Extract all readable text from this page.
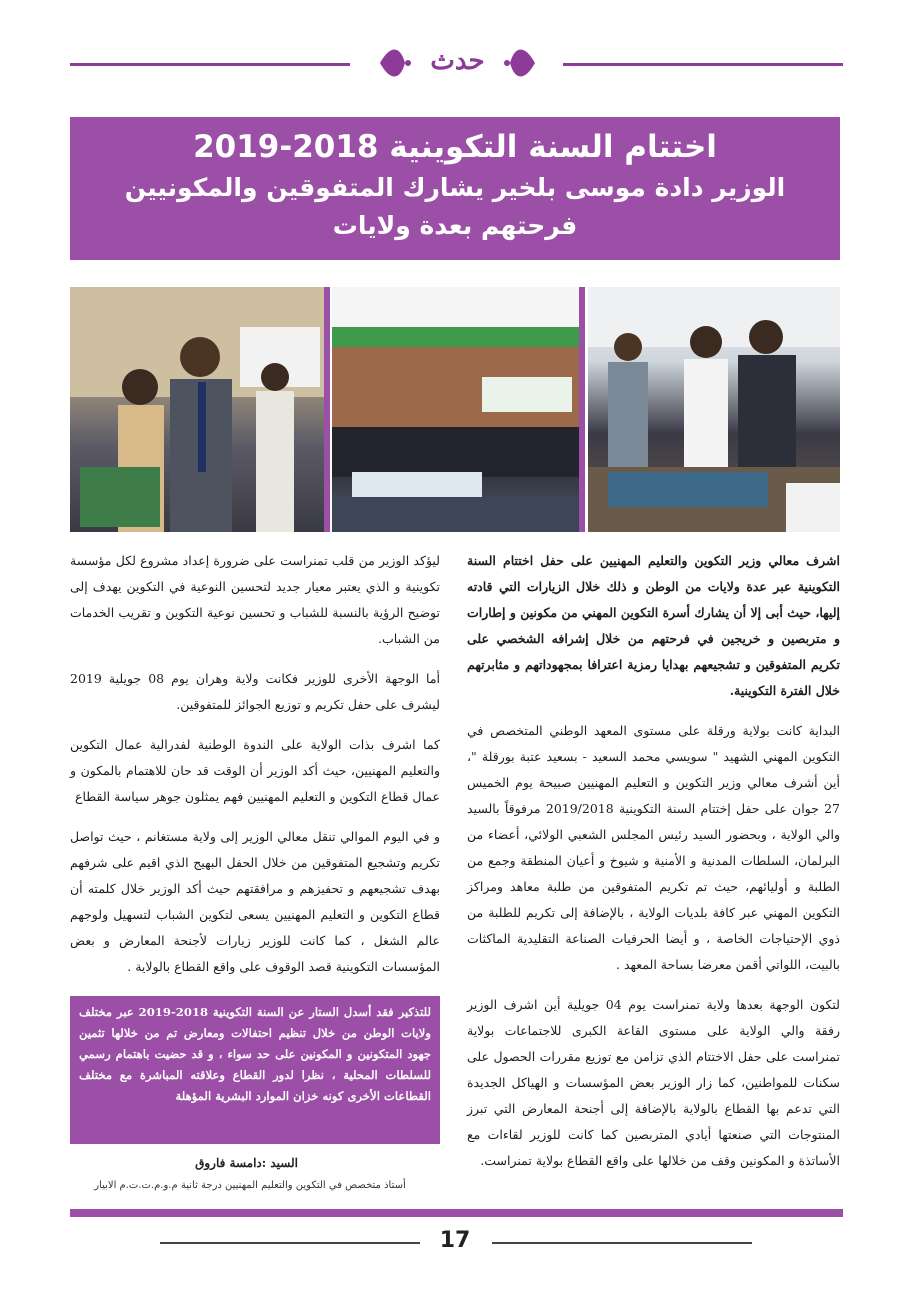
حدث
اختتام السنة التكوينية 2018-2019
الوزير دادة موسى بلخير يشارك المتفوقين والمكونيين فرحتهم بعدة ولايات

اشرف معالي وزير التكوين والتعليم المهنيين على حفل اختتام السنة التكوينية عبر عدة ولايات من الوطن و ذلك خلال الزيارات التي قادته إليها، حيث أبى إلا أن يشارك أسرة التكوين المهني من مكونين و إطارات و متربصين و خريجين في فرحتهم من خلال إشرافه الشخصي على تكريم المتفوقين و تشجيعهم بهدايا رمزية اعترافا بمجهوداتهم و مثابرتهم خلال الفترة التكوينية.

البداية كانت بولاية ورقلة على مستوى المعهد الوطني المتخصص في التكوين المهني الشهيد " سويسي محمد السعيد - بسعيد عتبة بورقلة "، أين أشرف معالي وزير التكوين و التعليم المهنيين صبيحة يوم الخميس 27 جوان على حفل إختتام السنة التكوينية 2019/2018 مرفوقاً بالسيد والي الولاية ، وبحضور السيد رئيس المجلس الشعبي الولائي، أعضاء من البرلمان، السلطات المدنية و الأمنية و شيوخ و أعيان المنطقة وجمع من الطلبة و أوليائهم، حيث تم تكريم المتفوقين من طلبة معاهد ومراكز التكوين المهني عبر كافة بلديات الولاية ، بالإضافة إلى تكريم للطلبة من ذوي الإحتياجات الخاصة ، و أيضا الحرفيات الصناعة التقليدية الماكثات بالبيت، اللواتي أقمن معرضا بساحة المعهد .

لتكون الوجهة بعدها ولاية تمنراست يوم 04 جويلية أين اشرف الوزير رفقة والي الولاية على مستوى القاعة الكبرى للاجتماعات بولاية تمنراست على حفل الاختتام الذي تزامن مع توزيع مقررات الحصول على سكنات للمواطنين، كما زار الوزير بعض المؤسسات و الهياكل الجديدة التي تدعم بها القطاع بالولاية بالإضافة إلى أجنحة المعارض التي تبرز المنتوجات التي صنعتها أيادي المتربصين كما كانت للوزير لقاءات مع الأساتذة و المكونين وقف من خلالها على واقع القطاع بولاية تمنراست.

ليؤكد الوزير من قلب تمنراست على ضرورة إعداد مشروع لكل مؤسسة تكوينية و الذي يعتبر معيار جديد لتحسين النوعية في التكوين يهدف إلى توضيح الرؤية بالنسبة للشباب و تحسين نوعية التكوين و تقريب الخدمات من الشباب.

أما الوجهة الأخرى للوزير فكانت ولاية وهران يوم 08 جويلية 2019 ليشرف على حفل تكريم و توزيع الجوائز للمتفوقين.

كما اشرف بذات الولاية على الندوة الوطنية لفدرالية عمال التكوين والتعليم المهنيين، حيث أكد الوزير أن الوقت قد حان للاهتمام بالمكون و عمال قطاع التكوين و التعليم المهنيين فهم يمثلون جوهر سياسة القطاع

و في اليوم الموالي تنقل معالي الوزير إلى ولاية مستغانم ، حيث تواصل تكريم وتشجيع المتفوقين من خلال الحفل البهيج الذي اقيم على شرفهم بهدف تشجيعهم و تحفيزهم و مرافقتهم حيث أكد الوزير خلال كلمته أن قطاع التكوين و التعليم المهنيين يسعى لتكوين الشباب لتسهيل ولوجهم عالم الشغل ، كما كانت للوزير زيارات لأجنحة المعارض و بعض المؤسسات التكوينية قصد الوقوف على واقع القطاع بالولاية .

للتذكير فقد أسدل الستار عن السنة التكوينية 2018-2019 عبر مختلف ولايات الوطن من خلال تنظيم احتفالات ومعارض تم من خلالها تثمين جهود المتكونين و المكونين على حد سواء ، و قد حضيت باهتمام رسمي للسلطات المحلية ، نظرا لدور القطاع وعلاقته المباشرة مع مختلف القطاعات الأخرى كونه خزان الموارد البشرية المؤهلة
السيد :دامسة فاروق
أستاذ متخصص في التكوين والتعليم المهنيين درجة ثانية م.و.م.ت.ت.م الابيار
17
